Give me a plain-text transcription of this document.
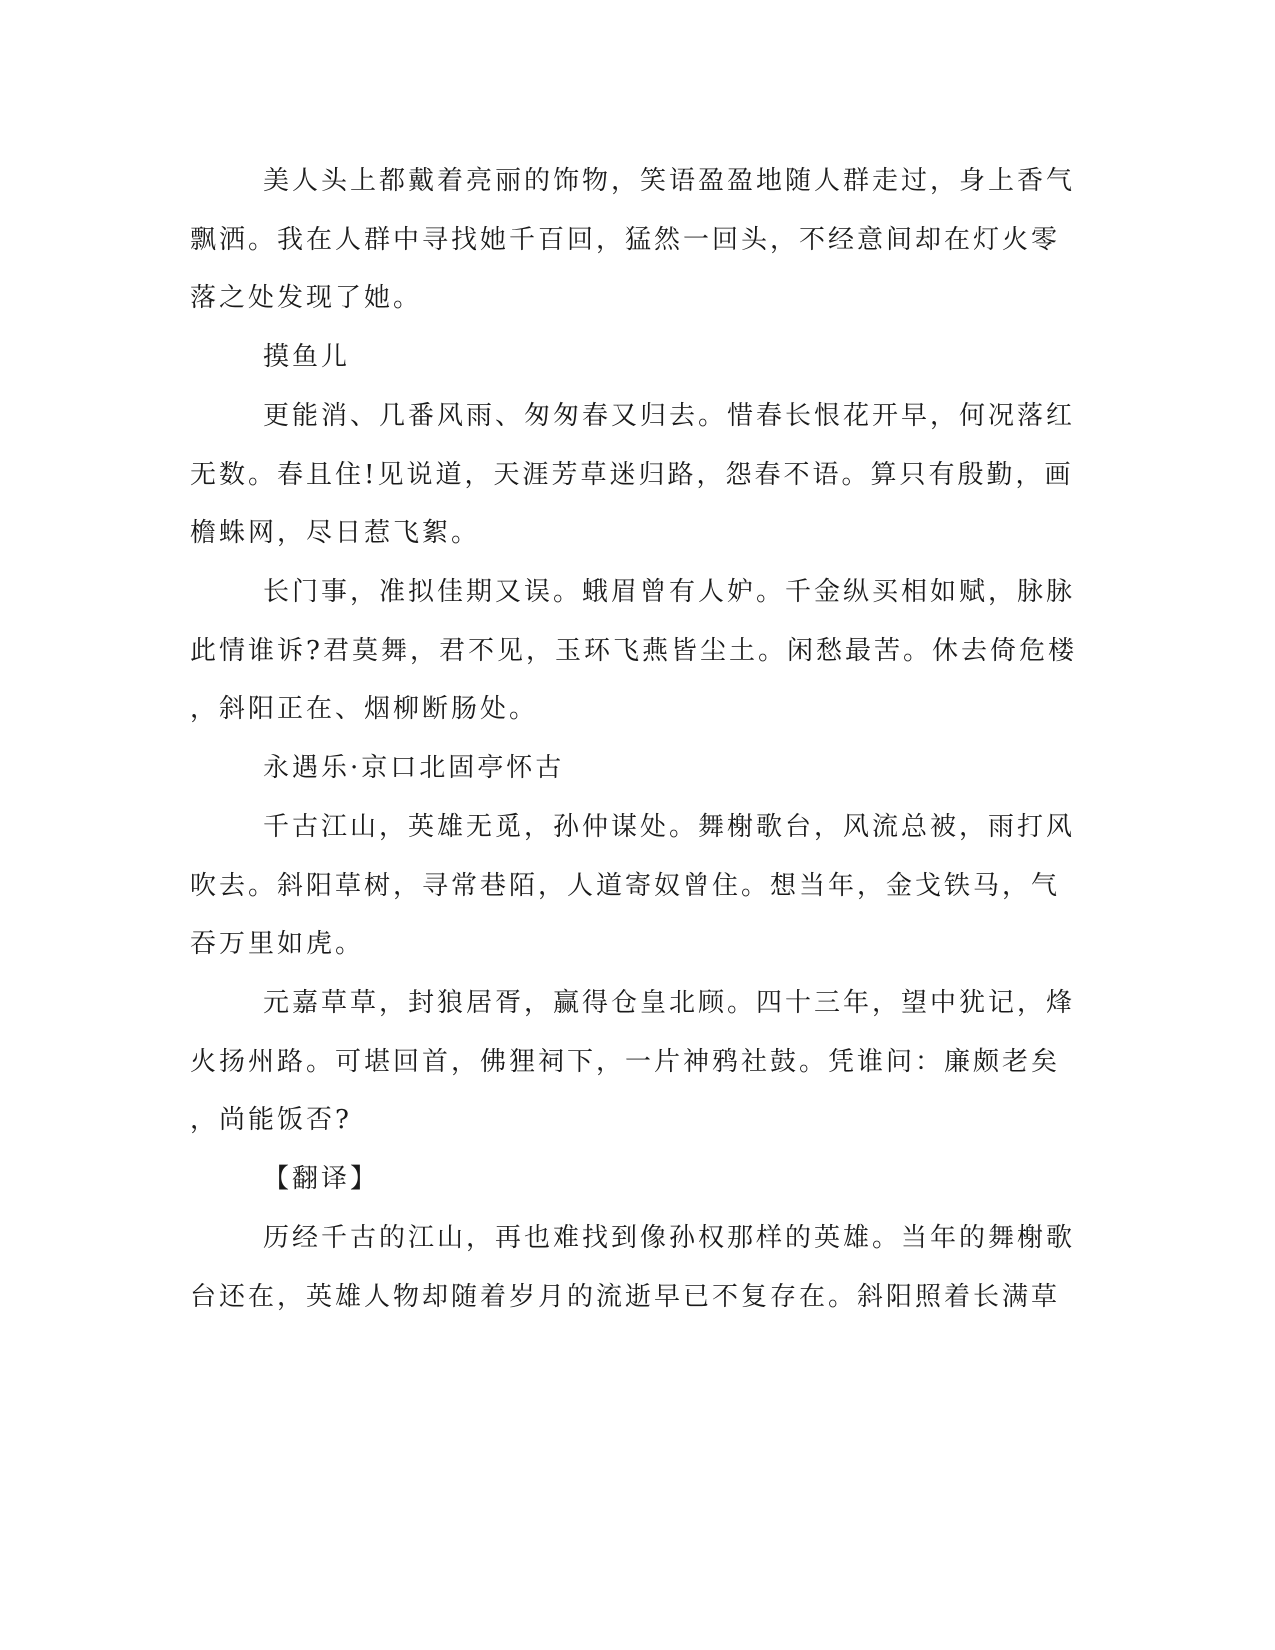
美人头上都戴着亮丽的饰物，笑语盈盈地随人群走过，身上香气
飘洒。我在人群中寻找她千百回，猛然一回头，不经意间却在灯火零
落之处发现了她。
摸鱼儿
更能消、几番风雨、匆匆春又归去。惜春长恨花开早，何况落红
无数。春且住!见说道，天涯芳草迷归路，怨春不语。算只有殷勤，画
檐蛛网，尽日惹飞絮。
长门事，准拟佳期又误。蛾眉曾有人妒。千金纵买相如赋，脉脉
此情谁诉?君莫舞，君不见，玉环飞燕皆尘土。闲愁最苦。休去倚危楼
，斜阳正在、烟柳断肠处。
永遇乐·京口北固亭怀古
千古江山，英雄无觅，孙仲谋处。舞榭歌台，风流总被，雨打风
吹去。斜阳草树，寻常巷陌，人道寄奴曾住。想当年，金戈铁马，气
吞万里如虎。
元嘉草草，封狼居胥，赢得仓皇北顾。四十三年，望中犹记，烽
火扬州路。可堪回首，佛狸祠下，一片神鸦社鼓。凭谁问：廉颇老矣
，尚能饭否?
【翻译】
历经千古的江山，再也难找到像孙权那样的英雄。当年的舞榭歌
台还在，英雄人物却随着岁月的流逝早已不复存在。斜阳照着长满草
